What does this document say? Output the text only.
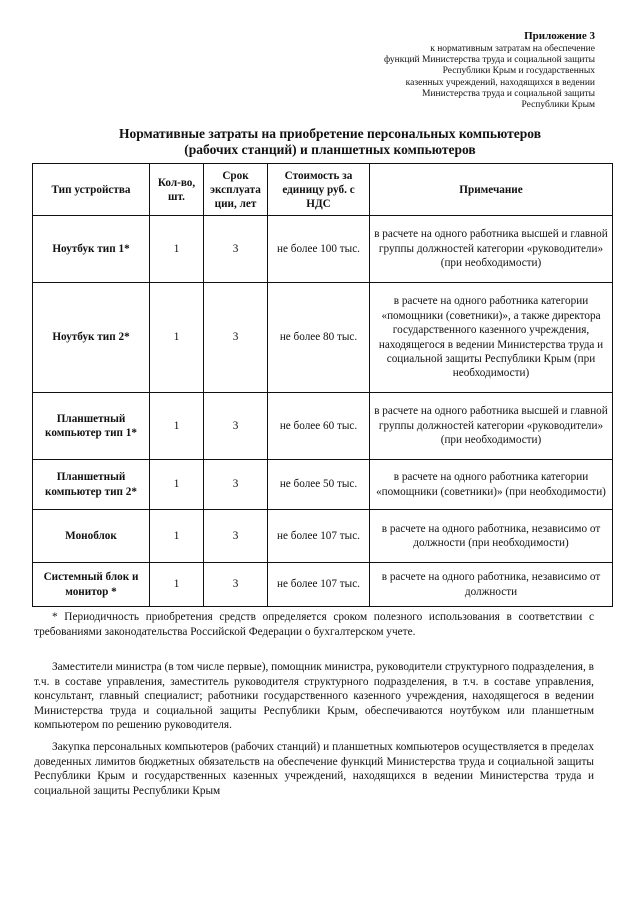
Приложение 3
к нормативным затратам на обеспечение
функций Министерства труда и социальной защиты
Республики Крым и государственных
казенных учреждений, находящихся в ведении
Министерства труда и социальной защиты
Республики Крым
Нормативные затраты на приобретение персональных компьютеров
(рабочих станций) и планшетных компьютеров
Тип устройства	Кол-во, шт.	Срок эксплуата ции, лет	Стоимость за единицу руб. с НДС	Примечание
Ноутбук тип 1*	1	3	не более 100 тыс.	в расчете на одного работника высшей и главной группы должностей категории «руководители» (при необходимости)
Ноутбук тип 2*	1	3	не более 80 тыс.	в расчете на одного работника категории «помощники (советники)», а также директора государственного казенного учреждения, находящегося в ведении Министерства труда и социальной защиты Республики Крым (при необходимости)
Планшетный компьютер тип 1*	1	3	не более 60 тыс.	в расчете на одного работника высшей и главной группы должностей категории «руководители» (при необходимости)
Планшетный компьютер тип 2*	1	3	не более 50 тыс.	в расчете на одного работника категории «помощники (советники)» (при необходимости)
Моноблок	1	3	не более 107 тыс.	в расчете на одного работника, независимо от должности (при необходимости)
Системный блок и монитор *	1	3	не более 107 тыс.	в расчете на одного работника, независимо от должности

* Периодичность приобретения средств определяется сроком полезного использования в соответствии с требованиями законодательства Российской Федерации о бухгалтерском учете.

Заместители министра (в том числе первые), помощник министра, руководители структурного подразделения, в т.ч. в составе управления, заместитель руководителя структурного подразделения, в т.ч. в составе управления, консультант, главный специалист; работники государственного казенного учреждения, находящегося в ведении Министерства труда и социальной защиты Республики Крым, обеспечиваются ноутбуком или планшетным компьютером по решению руководителя.

Закупка персональных компьютеров (рабочих станций) и планшетных компьютеров осуществляется в пределах доведенных лимитов бюджетных обязательств на обеспечение функций Министерства труда и социальной защиты Республики Крым и государственных казенных учреждений, находящихся в ведении Министерства труда и социальной защиты Республики Крым
